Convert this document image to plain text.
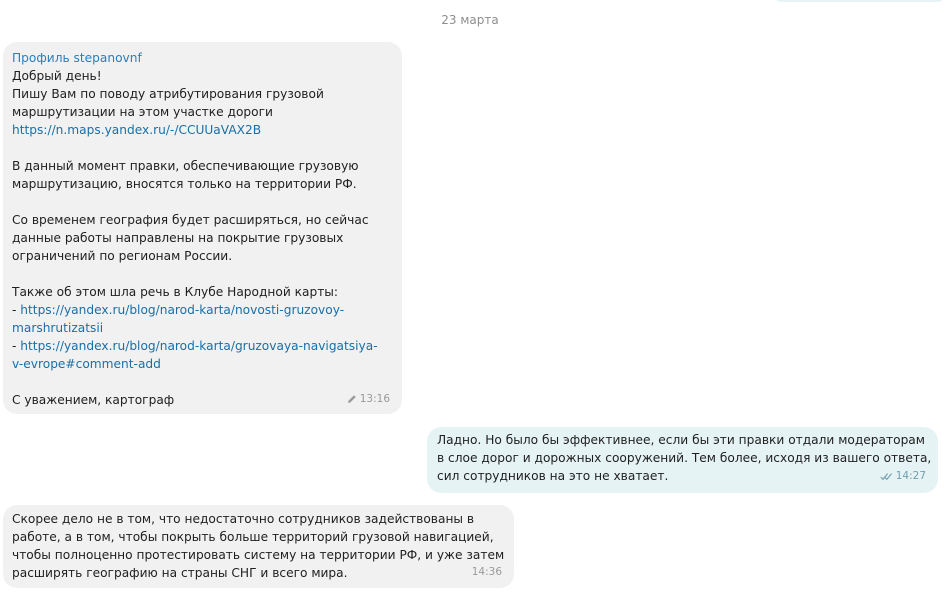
23 марта
Профиль stepanovnf
Добрый день!
Пишу Вам по поводу атрибутирования грузовой
маршрутизации на этом участке дороги
https://n.maps.yandex.ru/-/CCUUaVAX2B
В данный момент правки, обеспечивающие грузовую
маршрутизацию, вносятся только на территории РФ.
Со временем география будет расширяться, но сейчас
данные работы направлены на покрытие грузовых
ограничений по регионам России.
Также об этом шла речь в Клубе Народной карты:
- https://yandex.ru/blog/narod-karta/novosti-gruzovoy-
marshrutizatsii
- https://yandex.ru/blog/narod-karta/gruzovaya-navigatsiya-
v-evrope#comment-add
С уважением, картограф	13:16
Ладно. Но было бы эффективнее, если бы эти правки отдали модераторам
в слое дорог и дорожных сооружений. Тем более, исходя из вашего ответа,
сил сотрудников на это не хватает.	14:27
Скорее дело не в том, что недостаточно сотрудников задействованы в
работе, а в том, чтобы покрыть больше территорий грузовой навигацией,
чтобы полноценно протестировать систему на территории РФ, и уже затем
расширять географию на страны СНГ и всего мира.	14:36
